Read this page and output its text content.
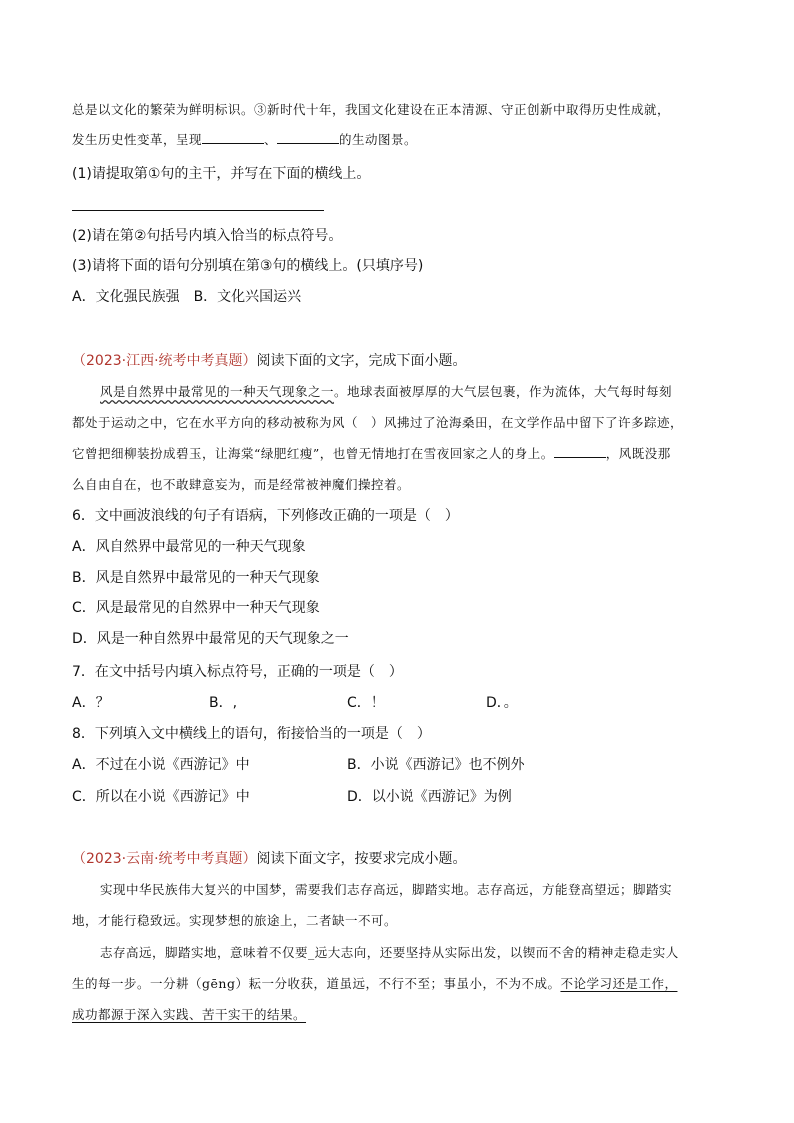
总是以文化的繁荣为鲜明标识。③新时代十年，我国文化建设在正本清源、守正创新中取得历史性成就，
发生历史性变革，呈现	、	的生动图景。
(1)请提取第①句的主干，并写在下面的横线上。
(2)请在第②句括号内填入恰当的标点符号。
(3)请将下面的语句分别填在第③句的横线上。(只填序号)
A．文化强民族强　B．文化兴国运兴
（2023·江西·统考中考真题）阅读下面的文字，完成下面小题。
风是自然界中最常见的一种天气现象之一。地球表面被厚厚的大气层包裹，作为流体，大气每时每刻
都处于运动之中，它在水平方向的移动被称为风（　）风拂过了沧海桑田，在文学作品中留下了许多踪迹，
它曾把细柳装扮成碧玉，让海棠“绿肥红瘦”，也曾无情地打在雪夜回家之人的身上。	，风既没那
么自由自在，也不敢肆意妄为，而是经常被神魔们操控着。
6．文中画波浪线的句子有语病，下列修改正确的一项是（　）
A．风自然界中最常见的一种天气现象
B．风是自然界中最常见的一种天气现象
C．风是最常见的自然界中一种天气现象
D．风是一种自然界中最常见的天气现象之一
7．在文中括号内填入标点符号，正确的一项是（　）
A．？	B．,	C．！	D．。
8．下列填入文中横线上的语句，衔接恰当的一项是（　）
A．不过在小说《西游记》中	B．小说《西游记》也不例外
C．所以在小说《西游记》中	D．以小说《西游记》为例
（2023·云南·统考中考真题）阅读下面文字，按要求完成小题。
实现中华民族伟大复兴的中国梦，需要我们志存高远，脚踏实地。志存高远，方能登高望远；脚踏实
地，才能行稳致远。实现梦想的旅途上，二者缺一不可。
志存高远，脚踏实地，意味着不仅要_远大志向，还要坚持从实际出发，以锲而不舍的精神走稳走实人
生的每一步。一分耕（gēng）耘一分收获，道虽远，不行不至；事虽小，不为不成。不论学习还是工作，
成功都源于深入实践、苦干实干的结果。
